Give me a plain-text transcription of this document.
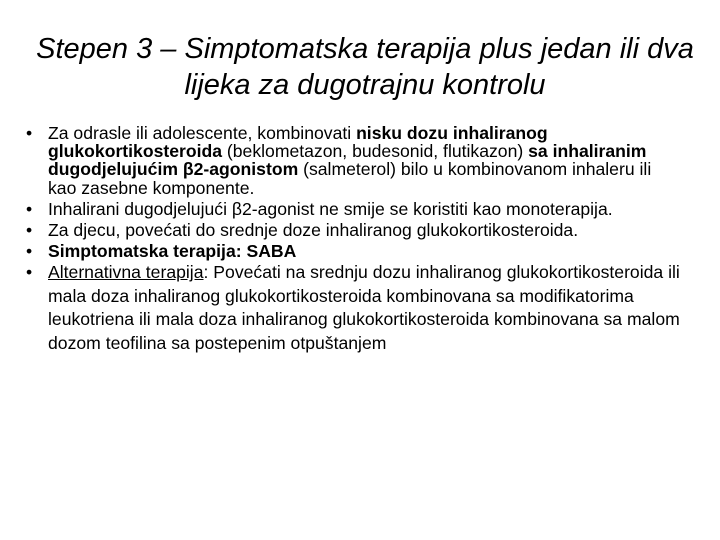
Stepen 3 – Simptomatska terapija plus jedan ili dva lijeka za dugotrajnu kontrolu
• Za odrasle ili adolescente, kombinovati nisku dozu inhaliranog glukokortikosteroida (beklometazon, budesonid, flutikazon) sa inhaliranim dugodjelujućim β2-agonistom (salmeterol) bilo u kombinovanom inhaleru ili kao zasebne komponente.
• Inhalirani dugodjelujući β2-agonist ne smije se koristiti kao monoterapija.
• Za djecu, povećati do srednje doze inhaliranog glukokortikosteroida.
• Simptomatska terapija: SABA
• Alternativna terapija: Povećati na srednju dozu inhaliranog glukokortikosteroida ili mala doza inhaliranog glukokortikosteroida kombinovana sa modifikatorima leukotriena ili mala doza inhaliranog glukokortikosteroida kombinovana sa malom dozom teofilina sa postepenim otpuštanjem
